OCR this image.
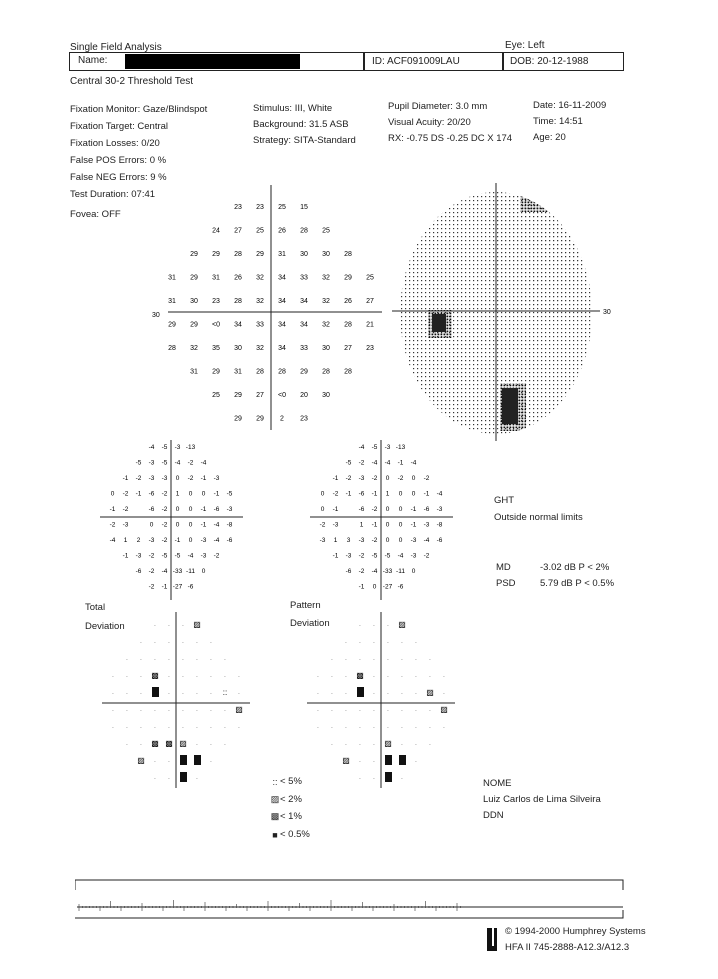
Single Field Analysis	Eye: Left
Name:	ID: ACF091009LAU	DOB: 20-12-1988
Central 30-2 Threshold Test
Fixation Monitor: Gaze/Blindspot
Fixation Target: Central
Fixation Losses: 0/20
False POS Errors: 0 %
False NEG Errors: 9 %
Test Duration: 07:41
Stimulus: III, White
Background: 31.5 ASB
Strategy: SITA-Standard
Pupil Diameter: 3.0 mm
Visual Acuity: 20/20
RX: -0.75 DS -0.25 DC X 174
Date: 16-11-2009
Time: 14:51
Age: 20
Fovea: OFF
30
23 23 25 15
24 27 25 26 28 25
29 29 28 29 31 30 30 28
31 29 31 26 32 34 33 32 29 25
31 30 23 28 32 34 34 32 26 27
29 29 <0 34 33 34 34 32 28 21
28 32 35 30 32 34 33 30 27 23
31 29 31 28 28 29 28 28
25 29 27 <0 20 30
29 29 2 23
30
-4 -5 -3 -13
-5 -3 -5 -4 -2 -4
-1 -2 -3 -3 0 -2 -1 -3
0 -2 -1 -6 -2 1 0 0 -1 -5
-1 -2	-6 -2 0 0 -1 -6 -3
-2 -3	0 -2 0 0 -1 -4 -8
-4 1 2 -3 -2 -1 0 -3 -4 -6
-1 -3 -2 -5 -5 -4 -3 -2
-6 -2 -4 -33 -11 0
-2 -1 -27 -6
-4 -5 -3 -13
-5 -2 -4 -4 -1 -4
-1 -2 -3 -2 0 -2 0 -2
0 -2 -1 -6 -1 1 0 0 -1 -4
0 -1	-6 -2 0 0 -1 -6 -3
-2 -3	1 -1 0 0 -1 -3 -8
-3 1 3 -3 -2 0 0 -3 -4 -6
-1 -3 -2 -5 -5 -4 -3 -2
-6 -2 -4 -33 -11 0
-1 0 -27 -6
Total
Deviation
Pattern
Deviation
· · · ▨
· · · · · ·
· · · · · · · ·
· · · ▩ · · · · · ·
· · ·	· · · · :: ·
· · · · · · · · · ▨
· · · · · · · · · ·
· · ▩ ▩ ▨ · · ·
▨ · ·	·
· ·	·
· · · ▨
· · · · · ·
· · · · · · · ·
· · · ▩ · · · · · ·
· · ·	· · · · ▨ ·
· · · · · · · · · ▨
· · · · · · · · · ·
· · · · ▨ · · ·
▨ · ·	·
· ·	·
GHT
Outside normal limits
MD	-3.02 dB P < 2%
PSD	5.79 dB P < 0.5%
:: < 5%
▨ < 2%
▩ < 1%
■ < 0.5%
NOME
Luiz Carlos de Lima Silveira
DDN
© 1994-2000 Humphrey Systems
HFA II 745-2888-A12.3/A12.3
